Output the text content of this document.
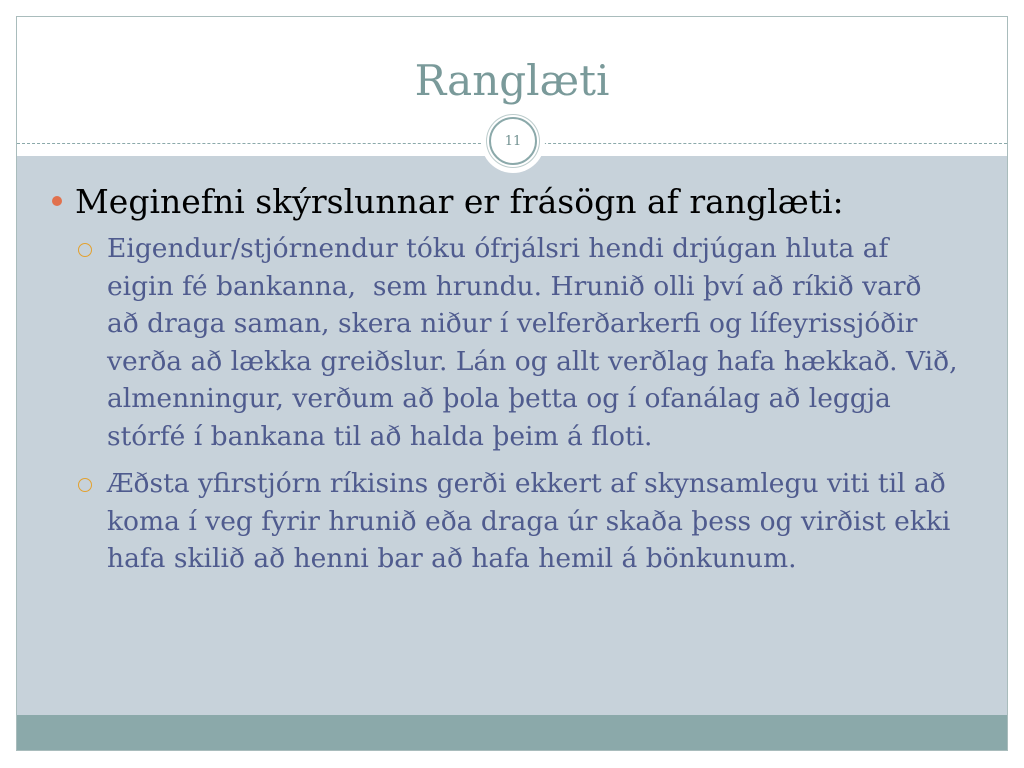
Ranglæti
11
Meginefni skýrslunnar er frásögn af ranglæti:
Eigendur/stjórnendur tóku ófrjálsri hendi drjúgan hluta af
eigin fé bankanna,  sem hrundu. Hrunið olli því að ríkið varð
að draga saman, skera niður í velferðarkerfi og lífeyrissjóðir
verða að lækka greiðslur. Lán og allt verðlag hafa hækkað. Við,
almenningur, verðum að þola þetta og í ofanálag að leggja
stórfé í bankana til að halda þeim á floti.
Æðsta yfirstjórn ríkisins gerði ekkert af skynsamlegu viti til að
koma í veg fyrir hrunið eða draga úr skaða þess og virðist ekki
hafa skilið að henni bar að hafa hemil á bönkunum.
